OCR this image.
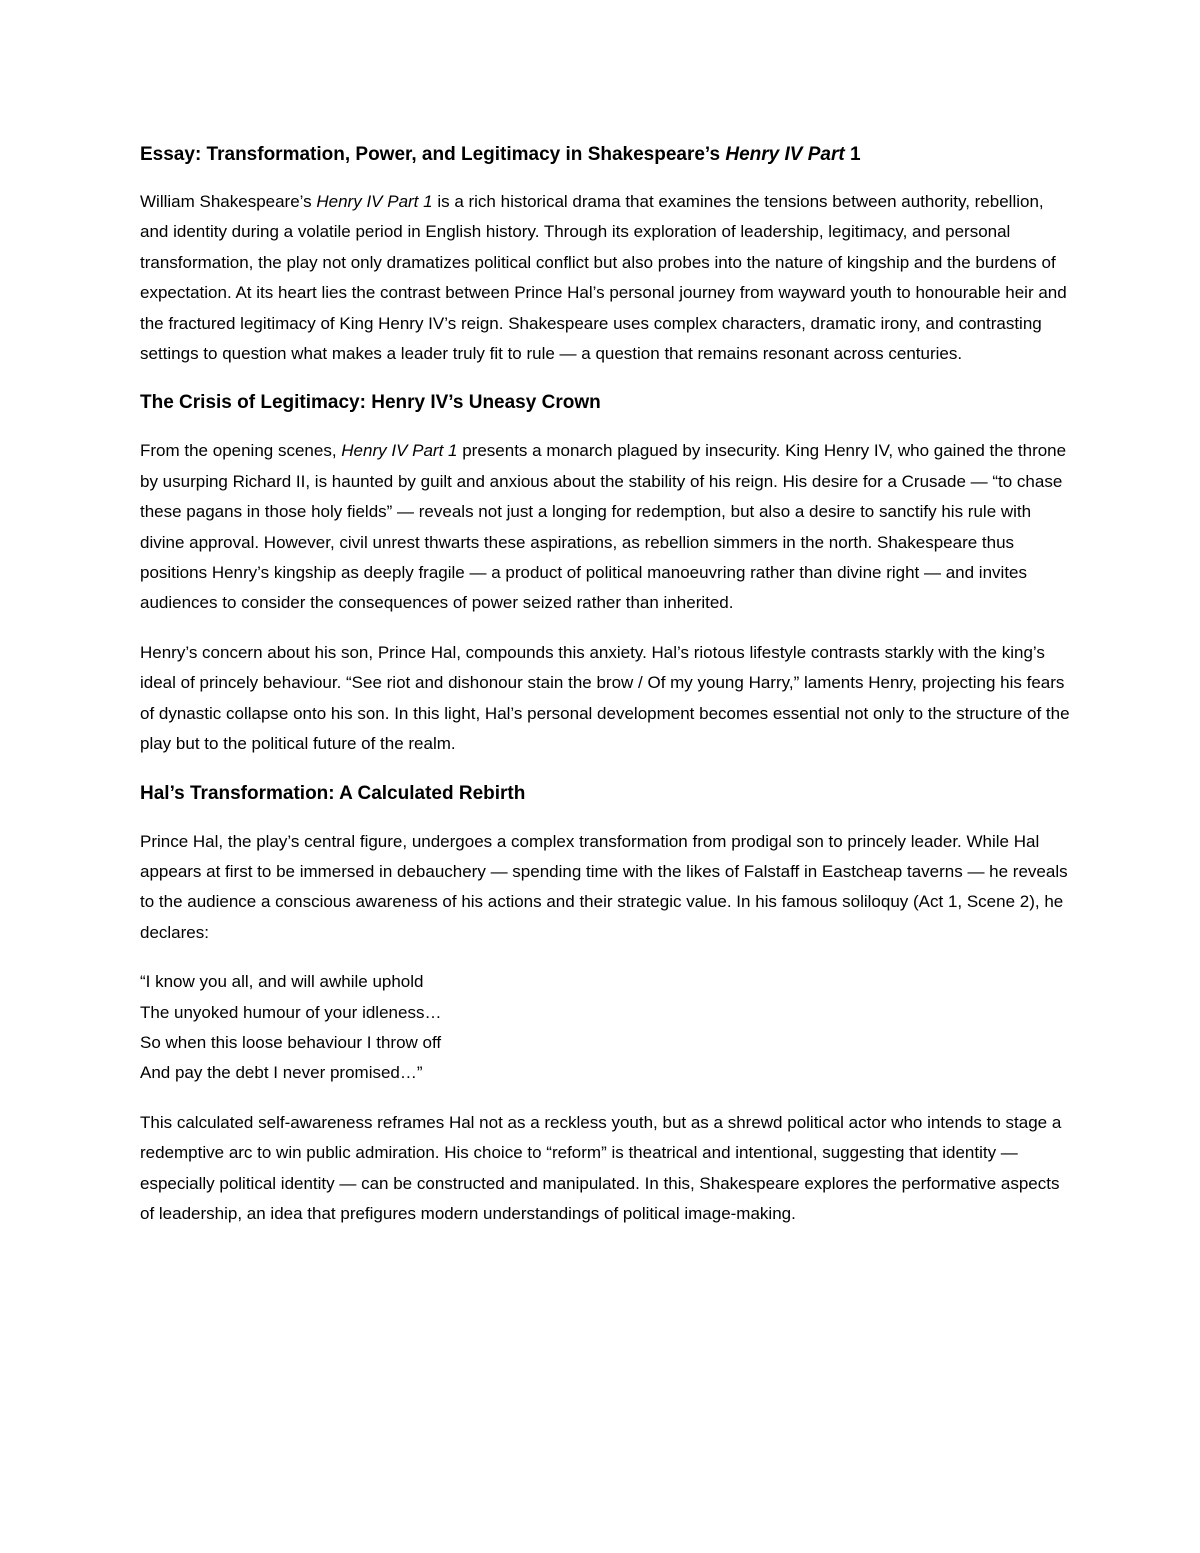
Essay: Transformation, Power, and Legitimacy in Shakespeare’s Henry IV Part 1

William Shakespeare’s Henry IV Part 1 is a rich historical drama that examines the tensions between authority, rebellion, and identity during a volatile period in English history. Through its exploration of leadership, legitimacy, and personal transformation, the play not only dramatizes political conflict but also probes into the nature of kingship and the burdens of expectation. At its heart lies the contrast between Prince Hal’s personal journey from wayward youth to honourable heir and the fractured legitimacy of King Henry IV’s reign. Shakespeare uses complex characters, dramatic irony, and contrasting settings to question what makes a leader truly fit to rule — a question that remains resonant across centuries.

The Crisis of Legitimacy: Henry IV’s Uneasy Crown

From the opening scenes, Henry IV Part 1 presents a monarch plagued by insecurity. King Henry IV, who gained the throne by usurping Richard II, is haunted by guilt and anxious about the stability of his reign. His desire for a Crusade — “to chase these pagans in those holy fields” — reveals not just a longing for redemption, but also a desire to sanctify his rule with divine approval. However, civil unrest thwarts these aspirations, as rebellion simmers in the north. Shakespeare thus positions Henry’s kingship as deeply fragile — a product of political manoeuvring rather than divine right — and invites audiences to consider the consequences of power seized rather than inherited.

Henry’s concern about his son, Prince Hal, compounds this anxiety. Hal’s riotous lifestyle contrasts starkly with the king’s ideal of princely behaviour. “See riot and dishonour stain the brow / Of my young Harry,” laments Henry, projecting his fears of dynastic collapse onto his son. In this light, Hal’s personal development becomes essential not only to the structure of the play but to the political future of the realm.

Hal’s Transformation: A Calculated Rebirth

Prince Hal, the play’s central figure, undergoes a complex transformation from prodigal son to princely leader. While Hal appears at first to be immersed in debauchery — spending time with the likes of Falstaff in Eastcheap taverns — he reveals to the audience a conscious awareness of his actions and their strategic value. In his famous soliloquy (Act 1, Scene 2), he declares:

“I know you all, and will awhile uphold
The unyoked humour of your idleness…
So when this loose behaviour I throw off
And pay the debt I never promised…”

This calculated self-awareness reframes Hal not as a reckless youth, but as a shrewd political actor who intends to stage a redemptive arc to win public admiration. His choice to “reform” is theatrical and intentional, suggesting that identity — especially political identity — can be constructed and manipulated. In this, Shakespeare explores the performative aspects of leadership, an idea that prefigures modern understandings of political image-making.
